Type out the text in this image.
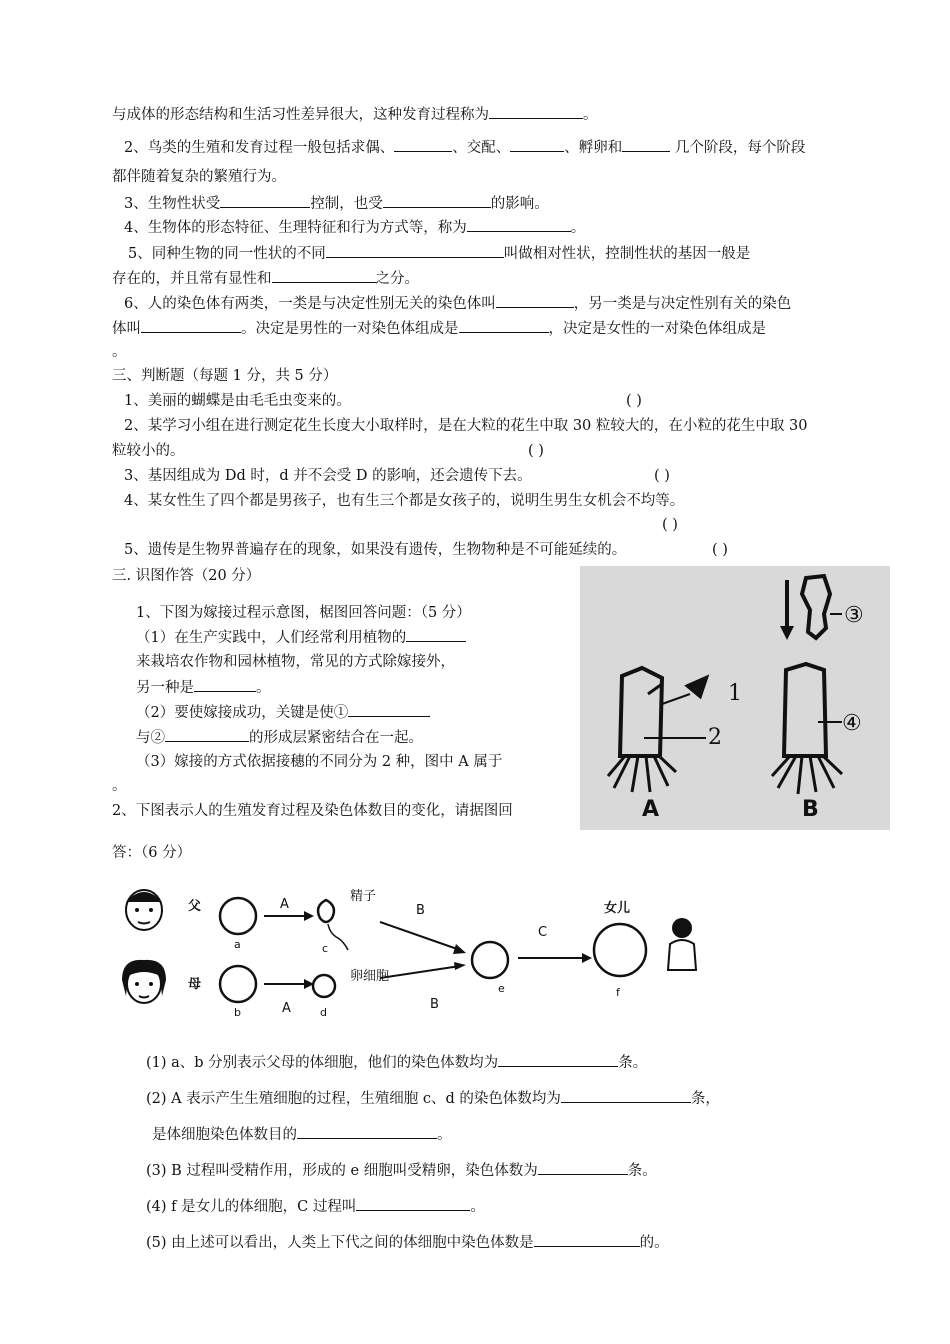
与成体的形态结构和生活习性差异很大，这种发育过程称为	。
2、鸟类的生殖和发育过程一般包括求偶、	、交配、	、孵卵和	几个阶段，每个阶段
都伴随着复杂的繁殖行为。
3、生物性状受	控制，也受	的影响。
4、生物体的形态特征、生理特征和行为方式等，称为	。
5、同种生物的同一性状的不同	叫做相对性状，控制性状的基因一般是
存在的，并且常有显性和	之分。
6、人的染色体有两类，一类是与决定性别无关的染色体叫	，另一类是与决定性别有关的染色
体叫	。决定是男性的一对染色体组成是	，决定是女性的一对染色体组成是
。
三、判断题（每题 1 分，共 5 分）
1、美丽的蝴蝶是由毛毛虫变来的。	( )
2、某学习小组在进行测定花生长度大小取样时，是在大粒的花生中取 30 粒较大的，在小粒的花生中取 30
粒较小的。	( )
3、基因组成为 Dd 时，d 并不会受 D 的影响，还会遗传下去。	( )
4、某女性生了四个都是男孩子，也有生三个都是女孩子的，说明生男生女机会不均等。
( )
5、遗传是生物界普遍存在的现象，如果没有遗传，生物物种是不可能延续的。	( )
三. 识图作答（20 分）
1、下图为嫁接过程示意图，椐图回答问题：（5 分）
（1）在生产实践中，人们经常利用植物的
来栽培农作物和园林植物，常见的方式除嫁接外，
另一种是	。
（2）要使嫁接成功，关键是使①
与②	的形成层紧密结合在一起。
（3）嫁接的方式依据接穗的不同分为 2 种，图中 A 属于
。
2、下图表示人的生殖发育过程及染色体数目的变化，请据图回
答：（6 分）
1
2
③
④
A	B
父
母
精子
卵细胞
女儿
A
A
B
B
C
a
b
c
d
e	f
(1) a、b 分别表示父母的体细胞，他们的染色体数均为	条。
(2) A 表示产生生殖细胞的过程，生殖细胞 c、d 的染色体数均为	条，
是体细胞染色体数目的	。
(3) B 过程叫受精作用，形成的 e 细胞叫受精卵，染色体数为	条。
(4) f 是女儿的体细胞，C 过程叫	。
(5) 由上述可以看出，人类上下代之间的体细胞中染色体数是	的。
